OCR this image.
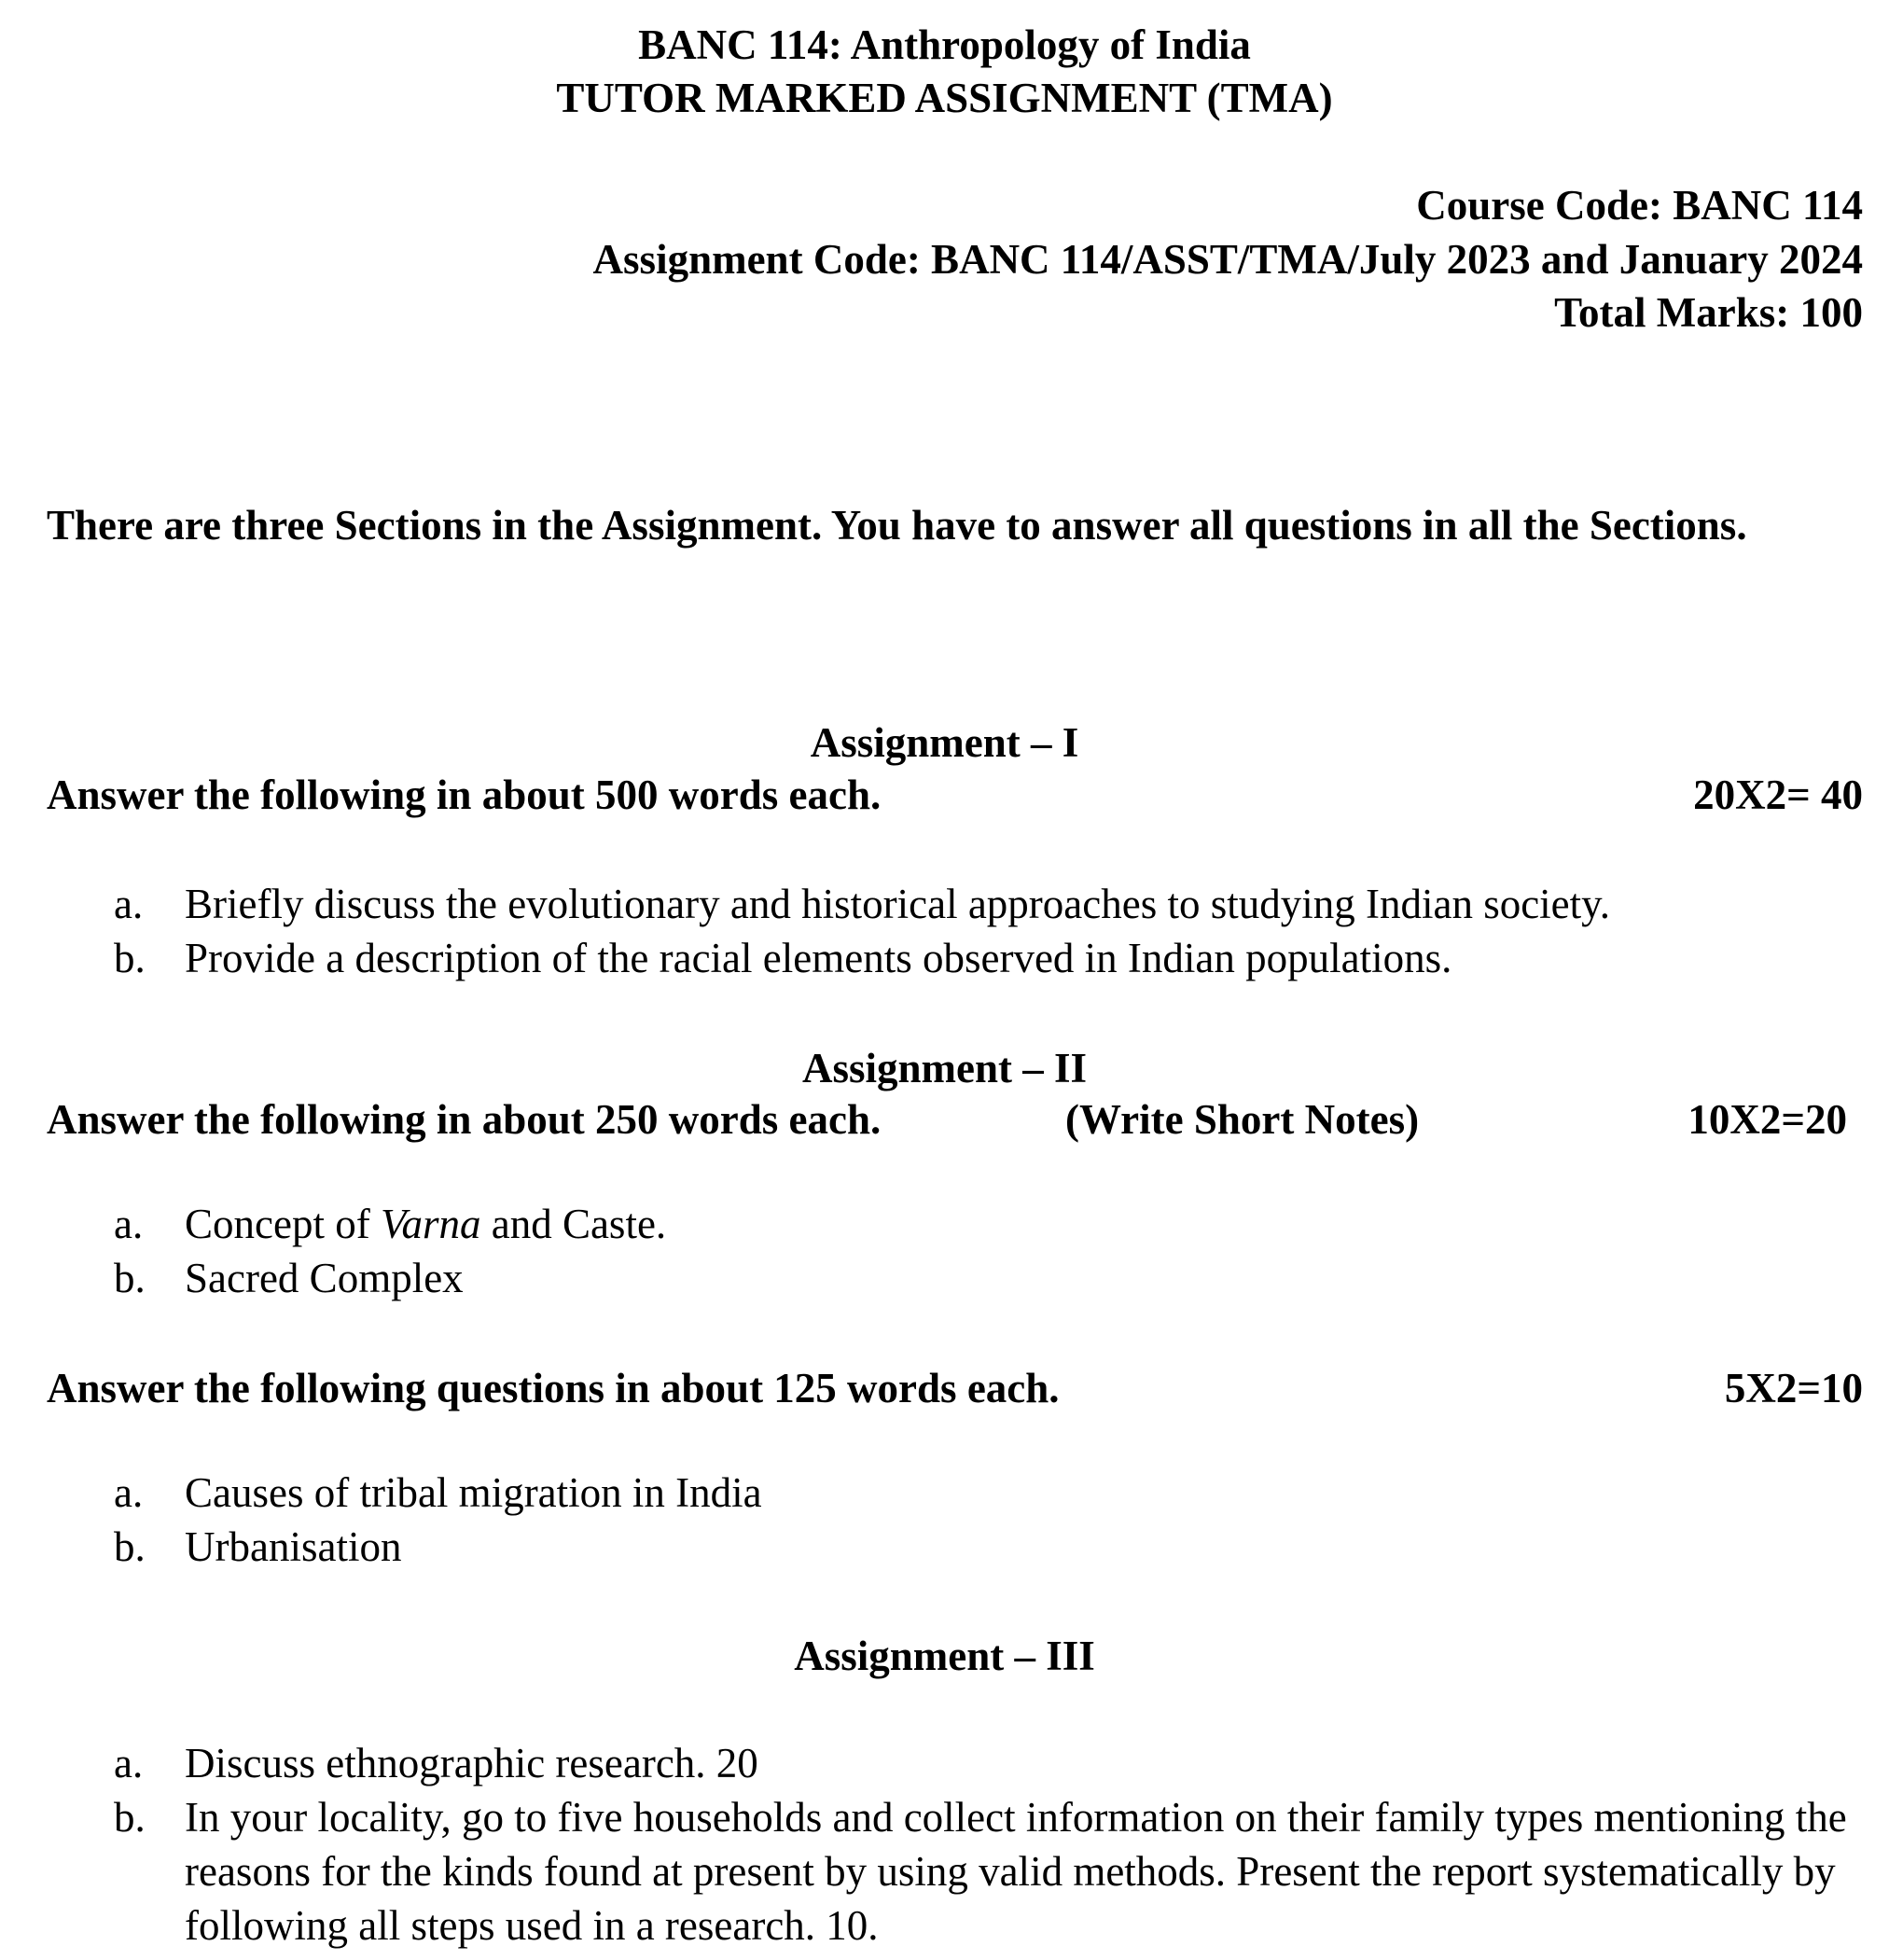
BANC 114: Anthropology of India
TUTOR MARKED ASSIGNMENT (TMA)
Course Code: BANC 114
Assignment Code: BANC 114/ASST/TMA/July 2023 and January 2024
Total Marks: 100
There are three Sections in the Assignment. You have to answer all questions in all the Sections.
Assignment – I
Answer the following in about 500 words each.	20X2= 40
a. Briefly discuss the evolutionary and historical approaches to studying Indian society.
b. Provide a description of the racial elements observed in Indian populations.
Assignment – II
Answer the following in about 250 words each.	(Write Short Notes)	10X2=20
a. Concept of Varna and Caste.
b. Sacred Complex
Answer the following questions in about 125 words each.	5X2=10
a. Causes of tribal migration in India
b. Urbanisation
Assignment – III
a. Discuss ethnographic research. 20
b. In your locality, go to five households and collect information on their family types mentioning the reasons for the kinds found at present by using valid methods. Present the report systematically by following all steps used in a research. 10.
